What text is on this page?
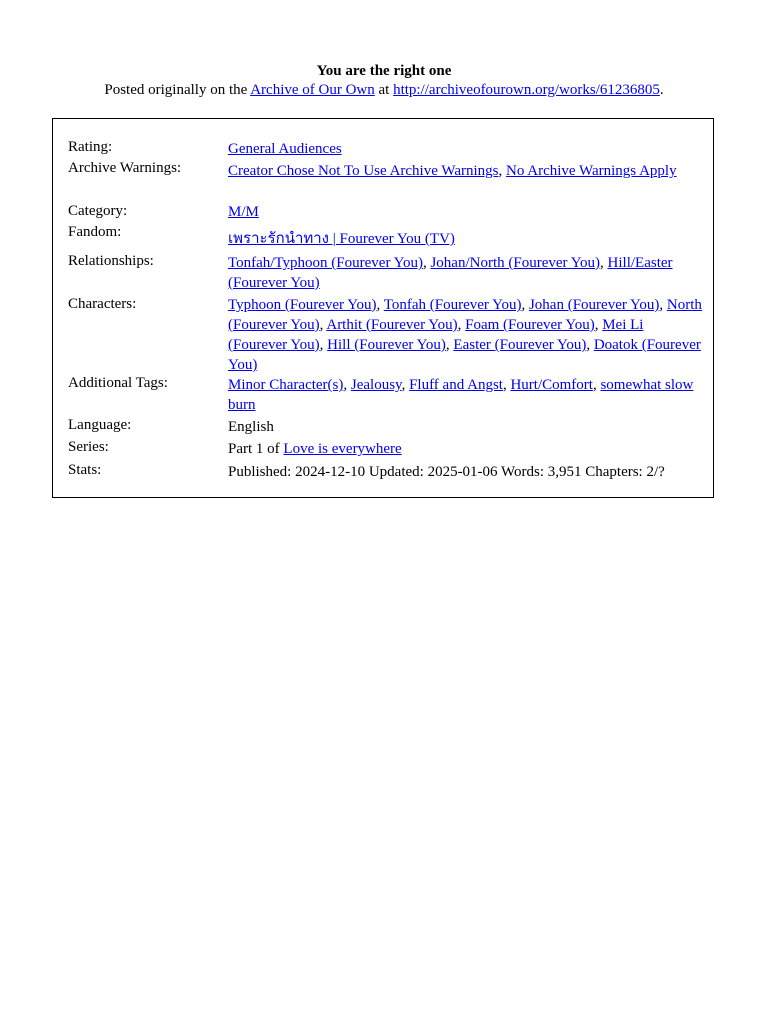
You are the right one
Posted originally on the Archive of Our Own at http://archiveofourown.org/works/61236805.
Rating:	General Audiences
Archive Warnings:	Creator Chose Not To Use Archive Warnings, No Archive Warnings Apply
Category:	M/M
Fandom:	เพราะรักนำทาง | Fourever You (TV)
Relationships:	Tonfah/Typhoon (Fourever You), Johan/North (Fourever You), Hill/Easter (Fourever You)
Characters:	Typhoon (Fourever You), Tonfah (Fourever You), Johan (Fourever You), North (Fourever You), Arthit (Fourever You), Foam (Fourever You), Mei Li (Fourever You), Hill (Fourever You), Easter (Fourever You), Doatok (Fourever You)
Additional Tags:	Minor Character(s), Jealousy, Fluff and Angst, Hurt/Comfort, somewhat slow burn
Language:	English
Series:	Part 1 of Love is everywhere
Stats:	Published: 2024-12-10 Updated: 2025-01-06 Words: 3,951 Chapters: 2/?
